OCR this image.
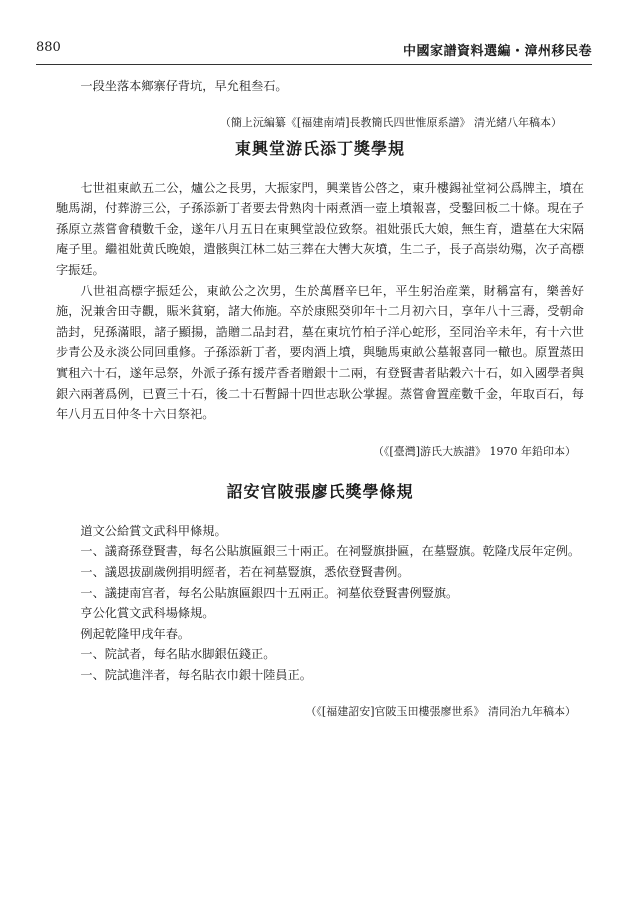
880	中國家譜資料選編・漳州移民卷

一段坐落本鄉寨仔背坑，早允租叁石。

（簡上沅編纂《[福建南靖]長教簡氏四世惟原系譜》 清光緒八年稿本）

東興堂游氏添丁獎學規

七世祖東畝五二公，爐公之長男，大振家門，興業皆公啓之，東升樓錫祉堂祠公爲牌主，墳在馳馬湖，付葬游三公，子孫添新丁者要去骨熟肉十兩煮酒一壺上墳報喜，受鑿回板二十條。現在子孫原立蒸嘗會積數千金，遂年八月五日在東興堂設位致祭。祖妣張氏大娘，無生育，遣墓在大宋隔庵子里。繼祖妣黄氏晚娘，遣骸與江林二姑三葬在大轡大灰墳，生二子，長子高崇幼殤，次子高標字振廷。

八世祖高標字振廷公，東畝公之次男，生於萬曆辛巳年，平生躬治産業，財稱富有，樂善好施，況兼舍田寺觀，賑米貧窮，諸大佈施。卒於康熙癸卯年十二月初六日，享年八十三壽，受朝命誥封，兒孫滿眼，諸子顯揚，誥贈二品封君，墓在東坑竹柏子洋心蛇形，至同治辛未年，有十六世步青公及永淡公同回重修。子孫添新丁者，要肉酒上墳，與馳馬東畝公墓報喜同一轍也。原置蒸田實租六十石，遂年忌祭，外派子孫有援芹香者贈銀十二兩，有登賢書者貼穀六十石，如入國學者與銀六兩著爲例，已賣三十石，後二十石暫歸十四世志耿公掌握。蒸嘗會置産數千金，年取百石，每年八月五日仲冬十六日祭祀。

（《[臺灣]游氏大族譜》 1970 年鉛印本）

詔安官陂張廖氏獎學條規

道文公給賞文武科甲條規。

一、議裔孫登賢書，每名公貼旗匾銀三十兩正。在祠豎旗掛匾，在墓豎旗。乾隆戊辰年定例。

一、議恩拔副歲例捐明經者，若在祠墓豎旗，悉依登賢書例。

一、議捷南宫者，每名公貼旗匾銀四十五兩正。祠墓依登賢書例豎旗。

亨公化賞文武科場條規。

例起乾隆甲戌年春。

一、院試者，每名貼水脚銀伍錢正。

一、院試進泮者，每名貼衣巾銀十陸員正。

（《[福建詔安]官陂玉田樓張廖世系》 清同治九年稿本）
